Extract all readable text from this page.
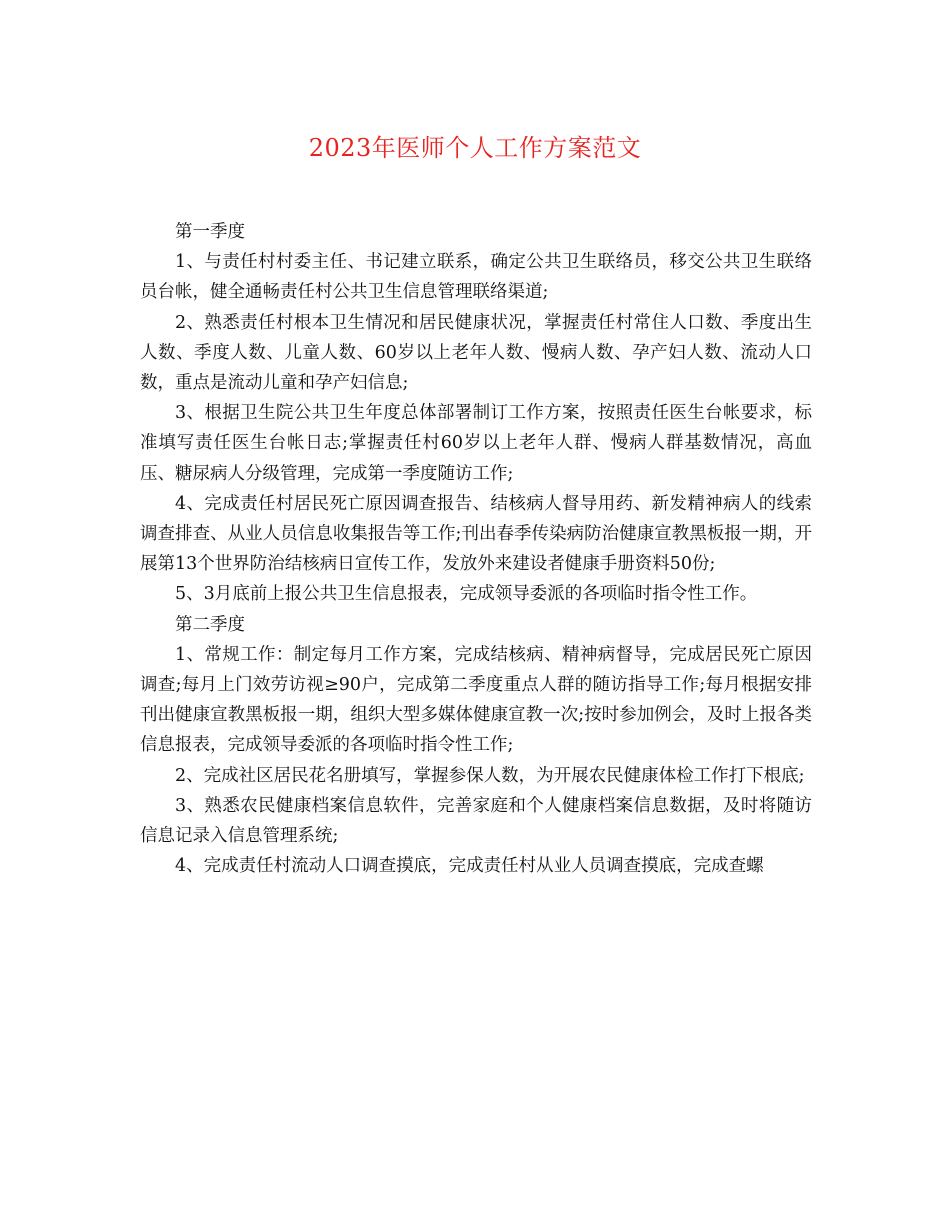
2023年医师个人工作方案范文

第一季度

1、与责任村村委主任、书记建立联系，确定公共卫生联络员，移交公共卫生联络员台帐，健全通畅责任村公共卫生信息管理联络渠道;

2、熟悉责任村根本卫生情况和居民健康状况，掌握责任村常住人口数、季度出生人数、季度人数、儿童人数、60岁以上老年人数、慢病人数、孕产妇人数、流动人口数，重点是流动儿童和孕产妇信息;

3、根据卫生院公共卫生年度总体部署制订工作方案，按照责任医生台帐要求，标准填写责任医生台帐日志;掌握责任村60岁以上老年人群、慢病人群基数情况，高血压、糖尿病人分级管理，完成第一季度随访工作;

4、完成责任村居民死亡原因调查报告、结核病人督导用药、新发精神病人的线索调查排查、从业人员信息收集报告等工作;刊出春季传染病防治健康宣教黑板报一期，开展第13个世界防治结核病日宣传工作，发放外来建设者健康手册资料50份;

5、3月底前上报公共卫生信息报表，完成领导委派的各项临时指令性工作。

第二季度

1、常规工作：制定每月工作方案，完成结核病、精神病督导，完成居民死亡原因调查;每月上门效劳访视≥90户，完成第二季度重点人群的随访指导工作;每月根据安排刊出健康宣教黑板报一期，组织大型多媒体健康宣教一次;按时参加例会，及时上报各类信息报表，完成领导委派的各项临时指令性工作;

2、完成社区居民花名册填写，掌握参保人数，为开展农民健康体检工作打下根底;

3、熟悉农民健康档案信息软件，完善家庭和个人健康档案信息数据，及时将随访信息记录入信息管理系统;

4、完成责任村流动人口调查摸底，完成责任村从业人员调查摸底，完成查螺
